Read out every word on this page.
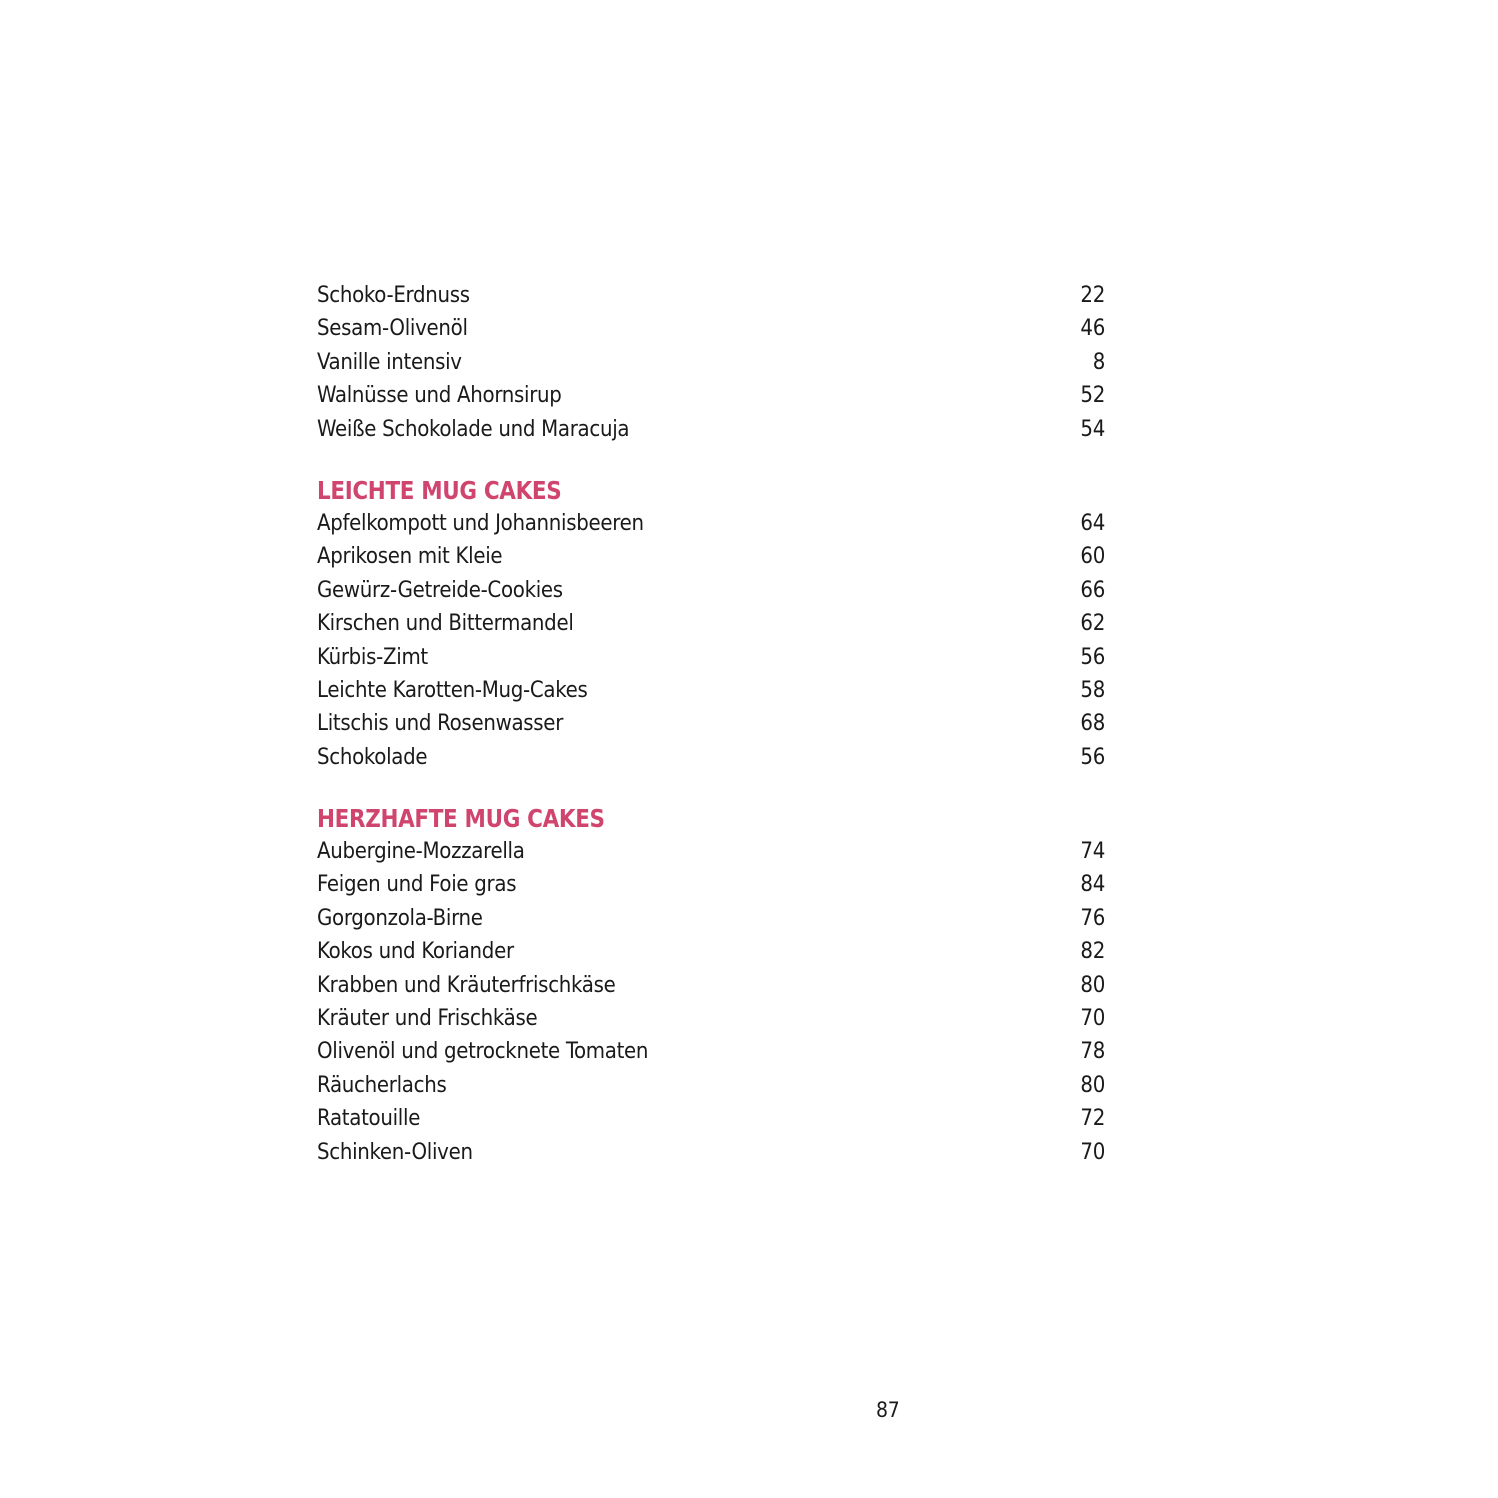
Schoko-Erdnuss	22
Sesam-Olivenöl	46
Vanille intensiv	8
Walnüsse und Ahornsirup	52
Weiße Schokolade und Maracuja	54
LEICHTE MUG CAKES
Apfelkompott und Johannisbeeren	64
Aprikosen mit Kleie	60
Gewürz-Getreide-Cookies	66
Kirschen und Bittermandel	62
Kürbis-Zimt	56
Leichte Karotten-Mug-Cakes	58
Litschis und Rosenwasser	68
Schokolade	56
HERZHAFTE MUG CAKES
Aubergine-Mozzarella	74
Feigen und Foie gras	84
Gorgonzola-Birne	76
Kokos und Koriander	82
Krabben und Kräuterfrischkäse	80
Kräuter und Frischkäse	70
Olivenöl und getrocknete Tomaten	78
Räucherlachs	80
Ratatouille	72
Schinken-Oliven	70
87
